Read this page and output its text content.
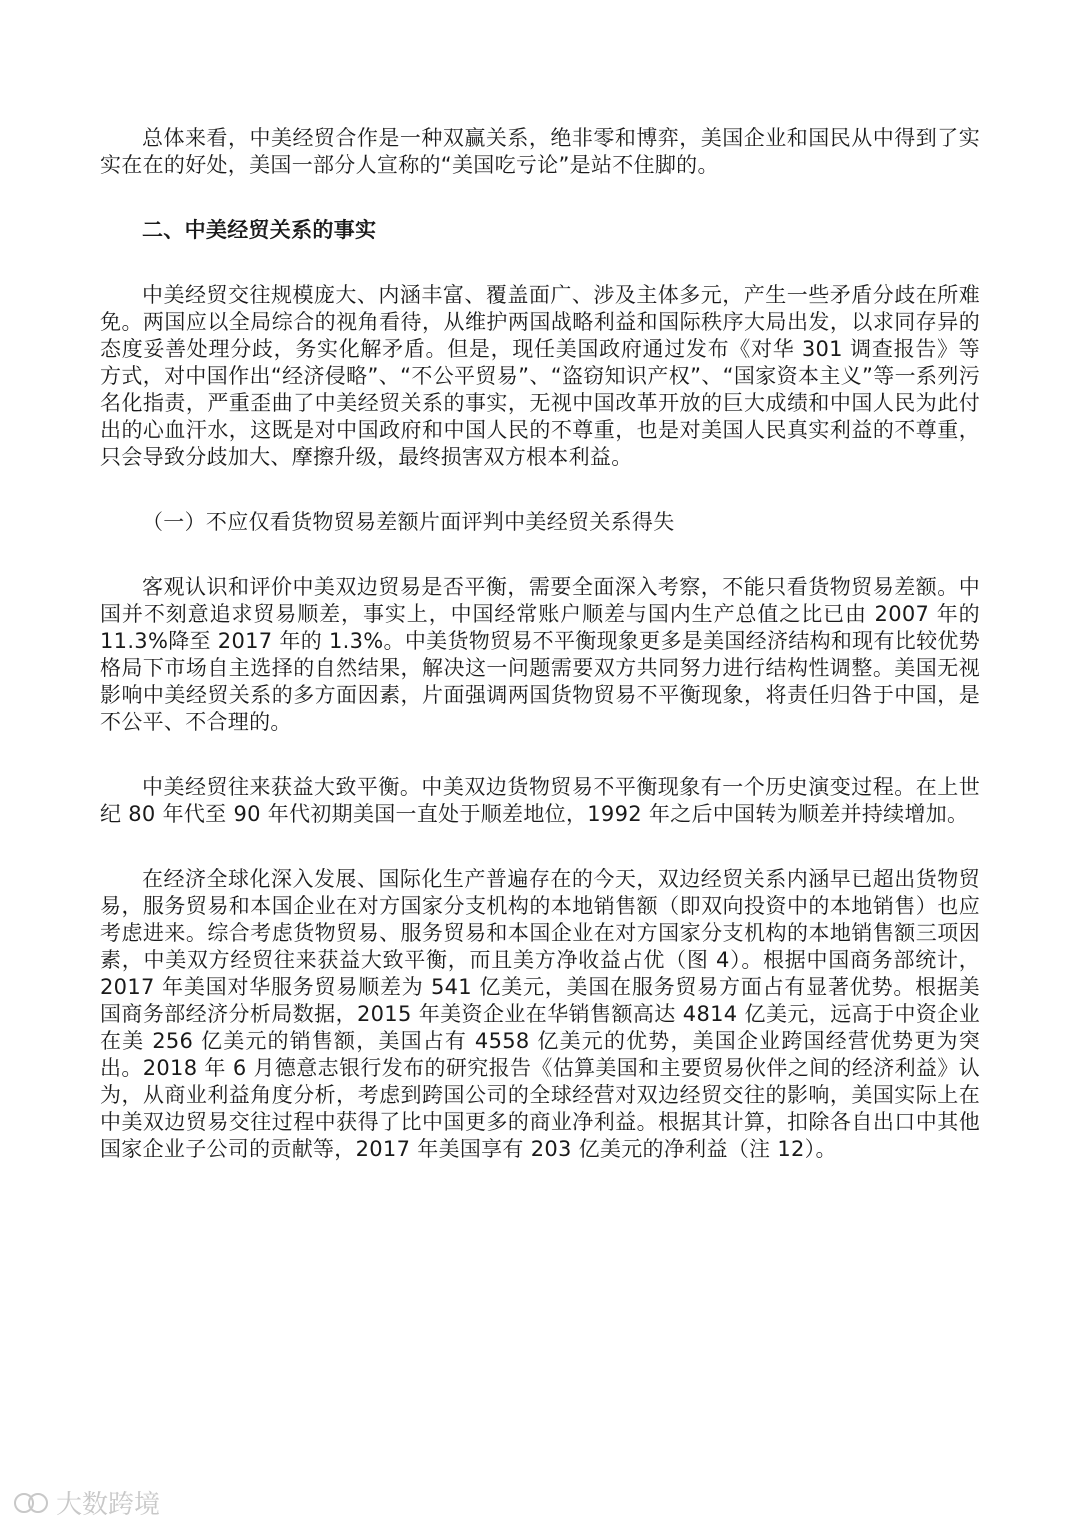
总体来看，中美经贸合作是一种双赢关系，绝非零和博弈，美国企业和国民从中得到了实实在在的好处，美国一部分人宣称的“美国吃亏论”是站不住脚的。

二、中美经贸关系的事实

中美经贸交往规模庞大、内涵丰富、覆盖面广、涉及主体多元，产生一些矛盾分歧在所难免。两国应以全局综合的视角看待，从维护两国战略利益和国际秩序大局出发，以求同存异的态度妥善处理分歧，务实化解矛盾。但是，现任美国政府通过发布《对华 301 调查报告》等方式，对中国作出“经济侵略”、“不公平贸易”、“盗窃知识产权”、“国家资本主义”等一系列污名化指责，严重歪曲了中美经贸关系的事实，无视中国改革开放的巨大成绩和中国人民为此付出的心血汗水，这既是对中国政府和中国人民的不尊重，也是对美国人民真实利益的不尊重，只会导致分歧加大、摩擦升级，最终损害双方根本利益。

（一）不应仅看货物贸易差额片面评判中美经贸关系得失

客观认识和评价中美双边贸易是否平衡，需要全面深入考察，不能只看货物贸易差额。中国并不刻意追求贸易顺差，事实上，中国经常账户顺差与国内生产总值之比已由 2007 年的 11.3%降至 2017 年的 1.3%。中美货物贸易不平衡现象更多是美国经济结构和现有比较优势格局下市场自主选择的自然结果，解决这一问题需要双方共同努力进行结构性调整。美国无视影响中美经贸关系的多方面因素，片面强调两国货物贸易不平衡现象，将责任归咎于中国，是不公平、不合理的。

中美经贸往来获益大致平衡。中美双边货物贸易不平衡现象有一个历史演变过程。在上世纪 80 年代至 90 年代初期美国一直处于顺差地位，1992 年之后中国转为顺差并持续增加。

在经济全球化深入发展、国际化生产普遍存在的今天，双边经贸关系内涵早已超出货物贸易，服务贸易和本国企业在对方国家分支机构的本地销售额（即双向投资中的本地销售）也应考虑进来。综合考虑货物贸易、服务贸易和本国企业在对方国家分支机构的本地销售额三项因素，中美双方经贸往来获益大致平衡，而且美方净收益占优（图 4）。根据中国商务部统计，2017 年美国对华服务贸易顺差为 541 亿美元，美国在服务贸易方面占有显著优势。根据美国商务部经济分析局数据，2015 年美资企业在华销售额高达 4814 亿美元，远高于中资企业在美 256 亿美元的销售额，美国占有 4558 亿美元的优势，美国企业跨国经营优势更为突出。2018 年 6 月德意志银行发布的研究报告《估算美国和主要贸易伙伴之间的经济利益》认为，从商业利益角度分析，考虑到跨国公司的全球经营对双边经贸交往的影响，美国实际上在中美双边贸易交往过程中获得了比中国更多的商业净利益。根据其计算，扣除各自出口中其他国家企业子公司的贡献等，2017 年美国享有 203 亿美元的净利益（注 12）。

大数跨境
